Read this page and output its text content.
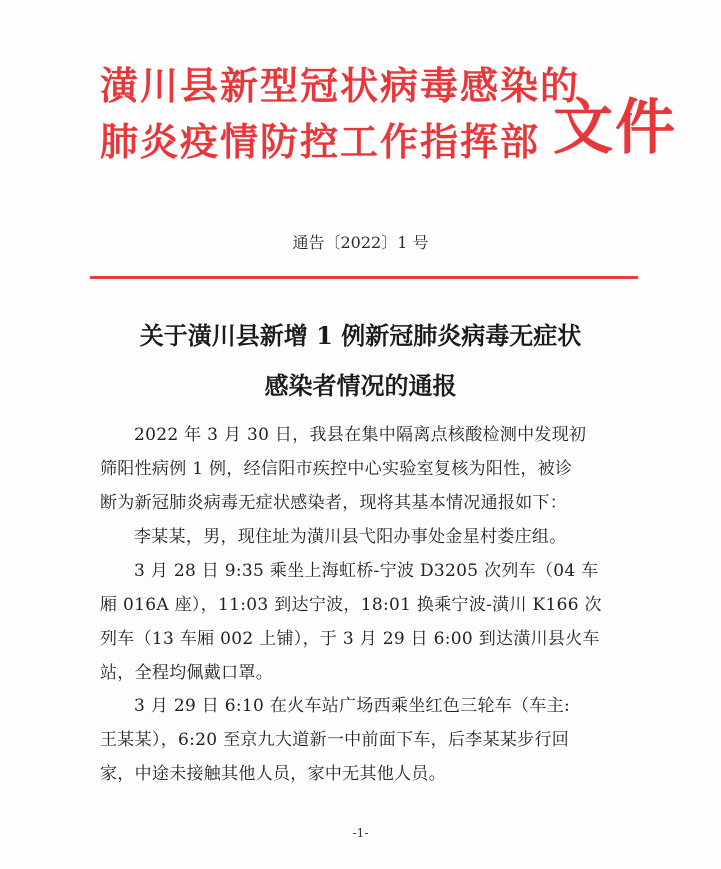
潢川县新型冠状病毒感染的
肺炎疫情防控工作指挥部 文件
通告〔2022〕1 号
关于潢川县新增 1 例新冠肺炎病毒无症状
感染者情况的通报
2022 年 3 月 30 日，我县在集中隔离点核酸检测中发现初
筛阳性病例 1 例，经信阳市疾控中心实验室复核为阳性，被诊
断为新冠肺炎病毒无症状感染者，现将其基本情况通报如下：
李某某，男，现住址为潢川县弋阳办事处金星村娄庄组。
3 月 28 日 9:35 乘坐上海虹桥-宁波 D3205 次列车（04 车
厢 016A 座），11:03 到达宁波，18:01 换乘宁波-潢川 K166 次
列车（13 车厢 002 上铺），于 3 月 29 日 6:00 到达潢川县火车
站，全程均佩戴口罩。
3 月 29 日 6:10 在火车站广场西乘坐红色三轮车（车主:
王某某），6:20 至京九大道新一中前面下车，后李某某步行回
家，中途未接触其他人员，家中无其他人员。
-1-
